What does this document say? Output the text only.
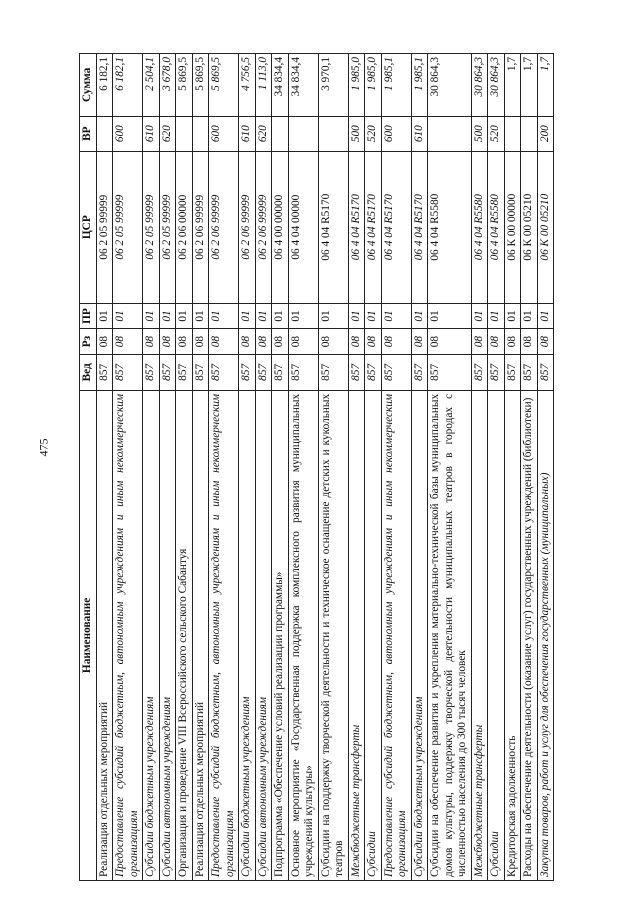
475
Наименование	Вед	Рз	ПР	ЦСР	ВР	Сумма
Реализация отдельных мероприятий	857	08	01	06 2 05 99999		6 182,1
Предоставление субсидий бюджетным, автономным учреждениям и иным некоммерческим организациям	857	08	01	06 2 05 99999	600	6 182,1
Субсидии бюджетным учреждениям	857	08	01	06 2 05 99999	610	2 504,1
Субсидии автономным учреждениям	857	08	01	06 2 05 99999	620	3 678,0
Организация и проведение VIII Всероссийского сельского Сабантуя	857	08	01	06 2 06 00000		5 869,5
Реализация отдельных мероприятий	857	08	01	06 2 06 99999		5 869,5
Предоставление субсидий бюджетным, автономным учреждениям и иным некоммерческим организациям	857	08	01	06 2 06 99999	600	5 869,5
Субсидии бюджетным учреждениям	857	08	01	06 2 06 99999	610	4 756,5
Субсидии автономным учреждениям	857	08	01	06 2 06 99999	620	1 113,0
Подпрограмма «Обеспечение условий реализации программы»	857	08	01	06 4 00 00000		34 834,4
Основное мероприятие «Государственная поддержка комплексного развития муниципальных учреждений культуры»	857	08	01	06 4 04 00000		34 834,4
Субсидии на поддержку творческой деятельности и техническое оснащение детских и кукольных театров	857	08	01	06 4 04 R5170		3 970,1
Межбюджетные трансферты	857	08	01	06 4 04 R5170	500	1 985,0
Субсидии	857	08	01	06 4 04 R5170	520	1 985,0
Предоставление субсидий бюджетным, автономным учреждениям и иным некоммерческим организациям	857	08	01	06 4 04 R5170	600	1 985,1
Субсидии бюджетным учреждениям	857	08	01	06 4 04 R5170	610	1 985,1
Субсидии на обеспечение развития и укрепления материально-технической базы муниципальных домов культуры, поддержку творческой деятельности муниципальных театров в городах с численностью населения до 300 тысяч человек	857	08	01	06 4 04 R5580		30 864,3
Межбюджетные трансферты	857	08	01	06 4 04 R5580	500	30 864,3
Субсидии	857	08	01	06 4 04 R5580	520	30 864,3
Кредиторская задолженность	857	08	01	06 К 00 00000		1,7
Расходы на обеспечение деятельности (оказание услуг) государственных учреждений (библиотеки)	857	08	01	06 К 00 05210		1,7
Закупка товаров, работ и услуг для обеспечения государственных (муниципальных)	857	08	01	06 К 00 05210	200	1,7
